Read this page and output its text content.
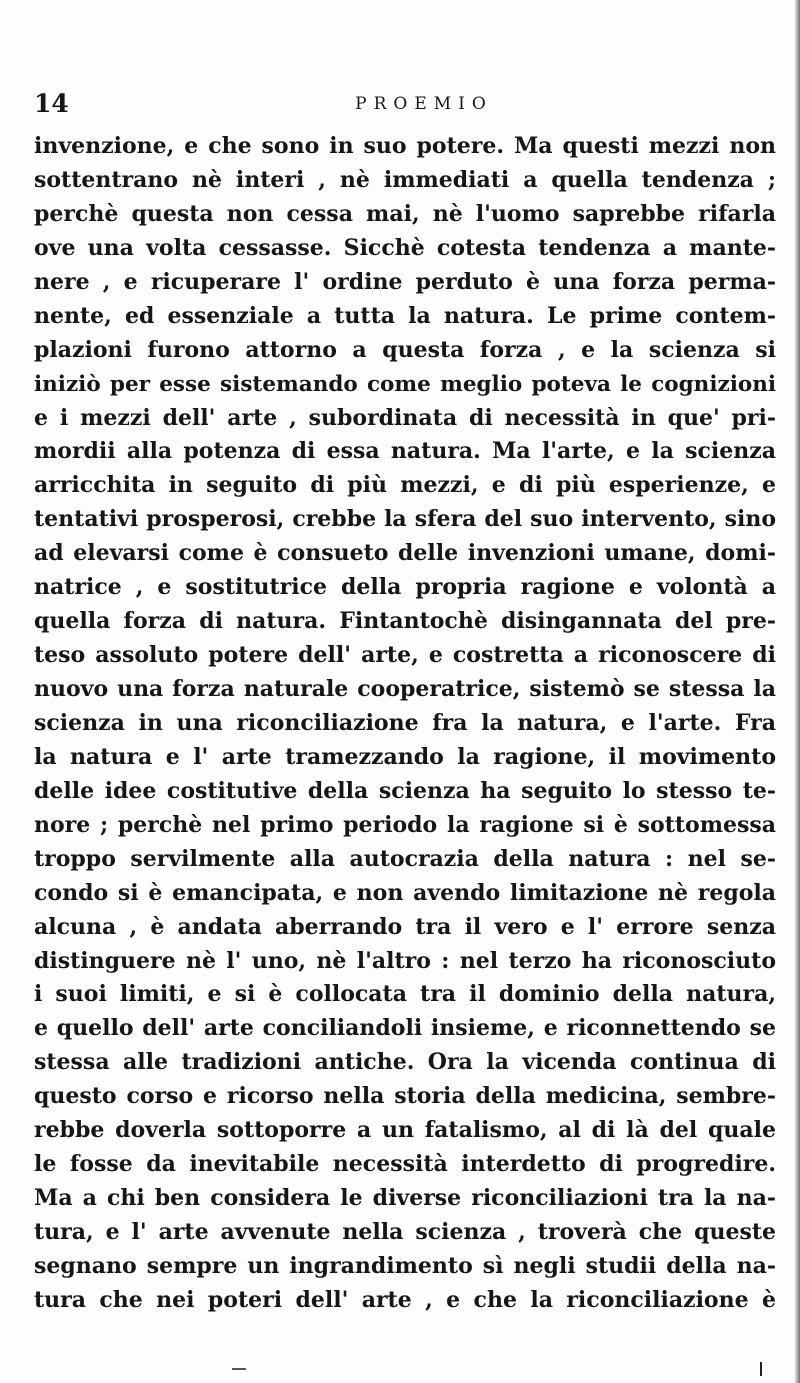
14	PROEMIO
invenzione, e che sono in suo potere. Ma questi mezzi non
sottentrano nè interi , nè immediati a quella tendenza ;
perchè questa non cessa mai, nè l'uomo saprebbe rifarla
ove una volta cessasse. Sicchè cotesta tendenza a mante-
nere , e ricuperare l' ordine perduto è una forza perma-
nente, ed essenziale a tutta la natura. Le prime contem-
plazioni furono attorno a questa forza , e la scienza si
iniziò per esse sistemando come meglio poteva le cognizioni
e i mezzi dell' arte , subordinata di necessità in que' pri-
mordii alla potenza di essa natura. Ma l'arte, e la scienza
arricchita in seguito di più mezzi, e di più esperienze, e
tentativi prosperosi, crebbe la sfera del suo intervento, sino
ad elevarsi come è consueto delle invenzioni umane, domi-
natrice , e sostitutrice della propria ragione e volontà a
quella forza di natura. Fintantochè disingannata del pre-
teso assoluto potere dell' arte, e costretta a riconoscere di
nuovo una forza naturale cooperatrice, sistemò se stessa la
scienza in una riconciliazione fra la natura, e l'arte. Fra
la natura e l' arte tramezzando la ragione, il movimento
delle idee costitutive della scienza ha seguito lo stesso te-
nore ; perchè nel primo periodo la ragione si è sottomessa
troppo servilmente alla autocrazia della natura : nel se-
condo si è emancipata, e non avendo limitazione nè regola
alcuna , è andata aberrando tra il vero e l' errore senza
distinguere nè l' uno, nè l'altro : nel terzo ha riconosciuto
i suoi limiti, e si è collocata tra il dominio della natura,
e quello dell' arte conciliandoli insieme, e riconnettendo se
stessa alle tradizioni antiche. Ora la vicenda continua di
questo corso e ricorso nella storia della medicina, sembre-
rebbe doverla sottoporre a un fatalismo, al di là del quale
le fosse da inevitabile necessità interdetto di progredire.
Ma a chi ben considera le diverse riconciliazioni tra la na-
tura, e l' arte avvenute nella scienza , troverà che queste
segnano sempre un ingrandimento sì negli studii della na-
tura che nei poteri dell' arte , e che la riconciliazione è
